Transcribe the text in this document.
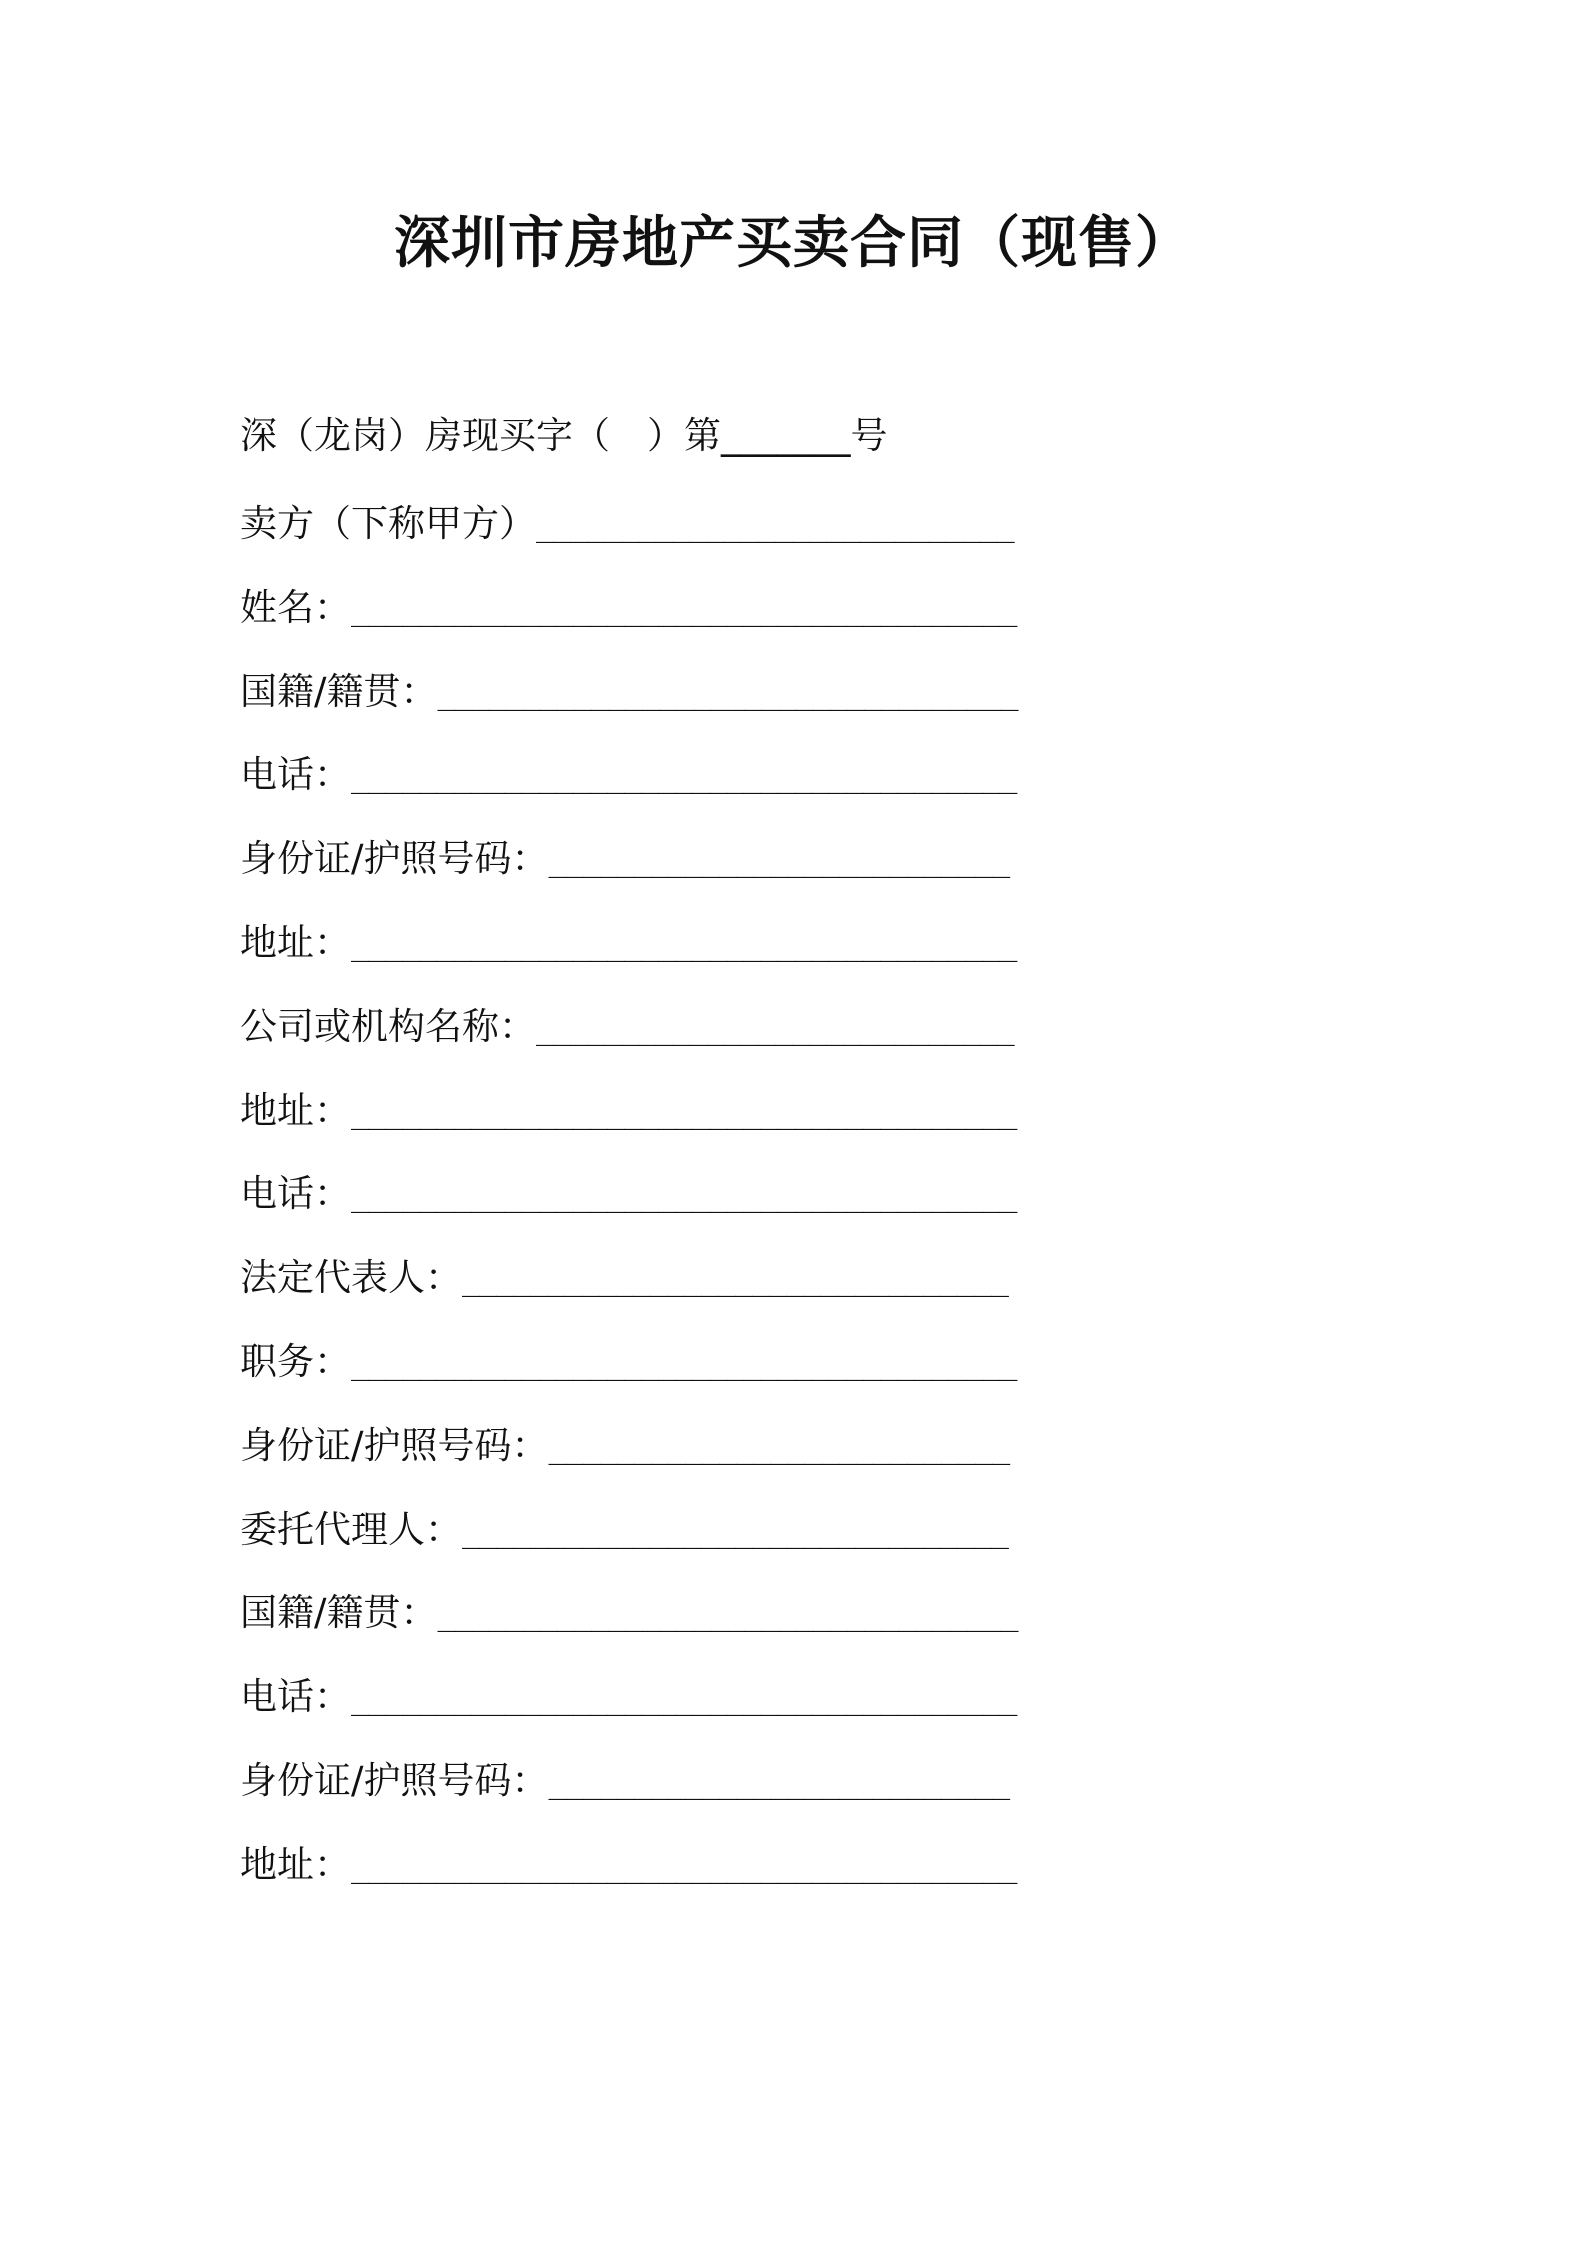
深圳市房地产买卖合同（现售）
深（龙岗）房现买字（　）第_______号
卖方（下称甲方）____________________________
姓名：_______________________________________
国籍/籍贯：__________________________________
电话：_______________________________________
身份证/护照号码：___________________________
地址：_______________________________________
公司或机构名称：____________________________
地址：_______________________________________
电话：_______________________________________
法定代表人：________________________________
职务：_______________________________________
身份证/护照号码：___________________________
委托代理人：________________________________
国籍/籍贯：__________________________________
电话：_______________________________________
身份证/护照号码：___________________________
地址：_______________________________________
